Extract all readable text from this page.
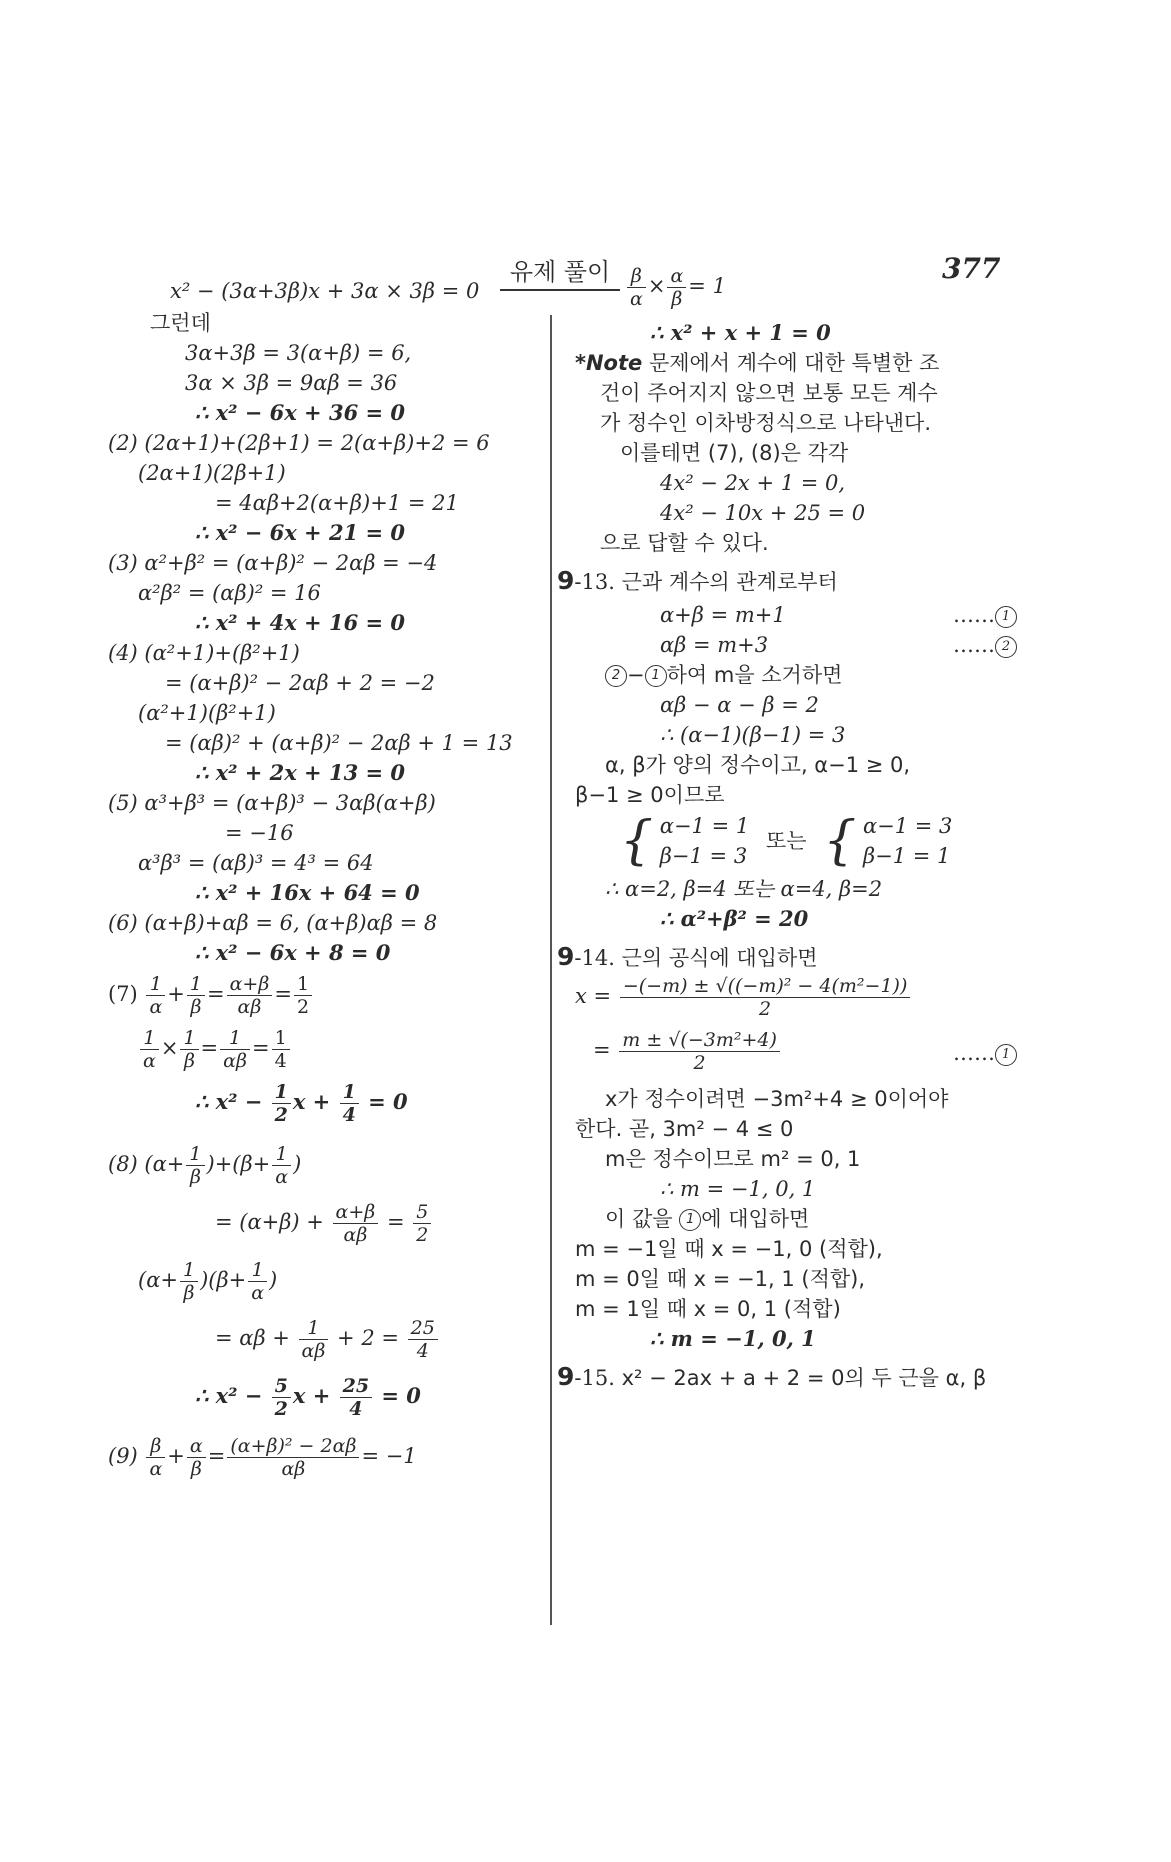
유제 풀이	377
x² − (3α+3β)x + 3α × 3β = 0
그런데
3α+3β = 3(α+β) = 6,
3α × 3β = 9αβ = 36
∴ x² − 6x + 36 = 0
(2) (2α+1)+(2β+1) = 2(α+β)+2 = 6
(2α+1)(2β+1)
= 4αβ+2(α+β)+1 = 21
∴ x² − 6x + 21 = 0
(3) α²+β² = (α+β)² − 2αβ = −4
α²β² = (αβ)² = 16
∴ x² + 4x + 16 = 0
(4) (α²+1)+(β²+1)
= (α+β)² − 2αβ + 2 = −2
(α²+1)(β²+1)
= (αβ)² + (α+β)² − 2αβ + 1 = 13
∴ x² + 2x + 13 = 0
(5) α³+β³ = (α+β)³ − 3αβ(α+β)
= −16
α³β³ = (αβ)³ = 4³ = 64
∴ x² + 16x + 64 = 0
(6) (α+β)+αβ = 6, (α+β)αβ = 8
∴ x² − 6x + 8 = 0
$(7) \frac{1}{\alpha} + \frac{1}{\beta} = \frac{\alpha+\beta}{\alpha\beta} = \frac{1}{2}$
$\frac{1}{\alpha} \times \frac{1}{\beta} = \frac{1}{\alpha\beta} = \frac{1}{4}$
∴ $x^2 - \frac{1}{2}$ $x + \frac{1}{4} = 0$
(8) $(\alpha+ \frac{1}{\beta} )+(\beta+ \frac{1}{\alpha}$ )
= $(\alpha+\beta) + \frac{\alpha+\beta}{\alpha\beta} = \frac{5}{2}$
$(\alpha+ \frac{1}{\beta} )(\beta+ \frac{1}{\alpha}$ )
= $\alpha\beta + \frac{1}{\alpha\beta} + 2 = \frac{25}{4}$
∴ $x^2 - \frac{5}{2}$ $x + \frac{25}{4} = 0$
$(9) \frac{\beta}{\alpha} + \frac{\alpha}{\beta} = \frac{\text{(α+β)² − 2αβ}}{\alpha\beta} = -1$
$\frac{\beta}{\alpha} \times \frac{\alpha}{\beta} = 1$
∴ x² + x + 1 = 0
*Note 문제에서 계수에 대한 특별한 조
건이 주어지지 않으면 보통 모든 계수
가 정수인 이차방정식으로 나타낸다.
이를테면 (7), (8)은 각각
4x² − 2x + 1 = 0,
4x² − 10x + 25 = 0
으로 답할 수 있다.
9-13. 근과 계수의 관계로부터
α+β = m+1	…… 1
αβ = m+3	…… 2
2 − 1 하여 m을 소거하면
αβ − α − β = 2
∴ (α−1)(β−1) = 3
α, β가 양의 정수이고, α−1 ≥ 0,
β−1 ≥ 0이므로
{ α−1 = 1
β−1 = 3
또는 { α−1 = 3
β−1 = 1
∴ α=2, β=4 또는 α=4, β=2
∴ α²+β² = 20
9-14. 근의 공식에 대입하면
$x = \frac{\text{−(−m) ± √((−m)² − 4(m²−1))}}{2}$
= $\frac{\text{m ± √(−3m²+4)}}{2}$	…… 1
x가 정수이려면 −3m²+4 ≥ 0이어야
한다. 곧, 3m² − 4 ≤ 0
m은 정수이므로 m² = 0, 1
∴ m = −1, 0, 1
이 값을 1 에 대입하면
m = −1일 때 x = −1, 0 (적합),
m = 0일 때 x = −1, 1 (적합),
m = 1일 때 x = 0, 1 (적합)
∴ m = −1, 0, 1
9-15. x² − 2ax + a + 2 = 0의 두 근을 α, β
